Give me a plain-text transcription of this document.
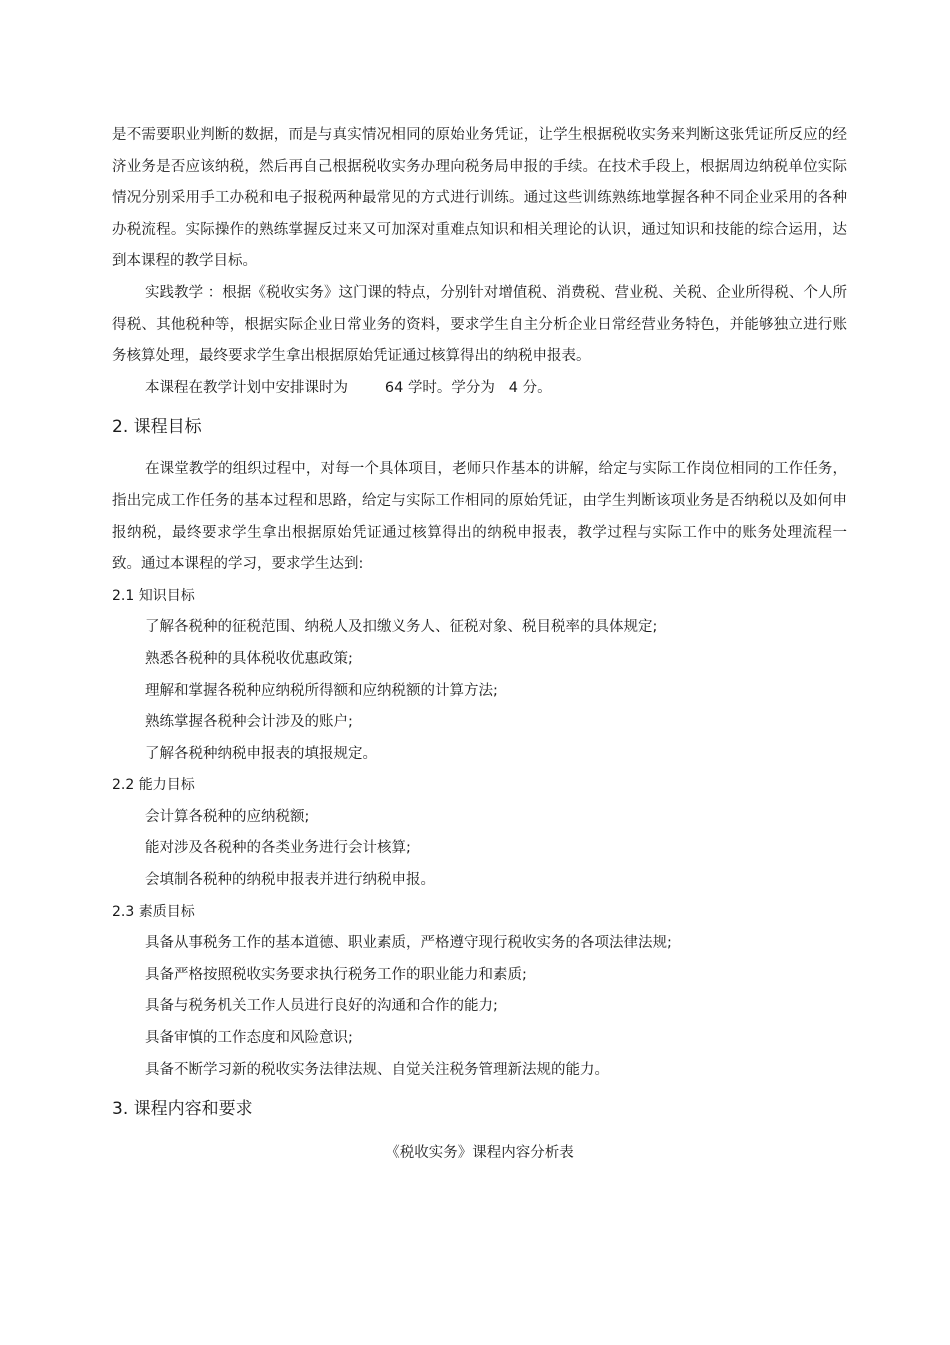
是不需要职业判断的数据，而是与真实情况相同的原始业务凭证，让学生根据税收实务来判断这张凭证所反应的经济业务是否应该纳税，然后再自己根据税收实务办理向税务局申报的手续。在技术手段上，根据周边纳税单位实际情况分别采用手工办税和电子报税两种最常见的方式进行训练。通过这些训练熟练地掌握各种不同企业采用的各种办税流程。实际操作的熟练掌握反过来又可加深对重难点知识和相关理论的认识，通过知识和技能的综合运用，达到本课程的教学目标。

实践教学 ：根据《税收实务》这门课的特点，分别针对增值税、消费税、营业税、关税、企业所得税、个人所得税、其他税种等，根据实际企业日常业务的资料，要求学生自主分析企业日常经营业务特色，并能够独立进行账务核算处理，最终要求学生拿出根据原始凭证通过核算得出的纳税申报表。

本课程在教学计划中安排课时为	64 学时。学分为 4 分。

2. 课程目标

在课堂教学的组织过程中，对每一个具体项目，老师只作基本的讲解，给定与实际工作岗位相同的工作任务，指出完成工作任务的基本过程和思路，给定与实际工作相同的原始凭证，由学生判断该项业务是否纳税以及如何申报纳税，最终要求学生拿出根据原始凭证通过核算得出的纳税申报表，教学过程与实际工作中的账务处理流程一致。通过本课程的学习，要求学生达到:

2.1 知识目标

了解各税种的征税范围、纳税人及扣缴义务人、征税对象、税目税率的具体规定;

熟悉各税种的具体税收优惠政策;

理解和掌握各税种应纳税所得额和应纳税额的计算方法;

熟练掌握各税种会计涉及的账户;

了解各税种纳税申报表的填报规定。

2.2 能力目标

会计算各税种的应纳税额;

能对涉及各税种的各类业务进行会计核算;

会填制各税种的纳税申报表并进行纳税申报。

2.3 素质目标

具备从事税务工作的基本道德、职业素质，严格遵守现行税收实务的各项法律法规;

具备严格按照税收实务要求执行税务工作的职业能力和素质;

具备与税务机关工作人员进行良好的沟通和合作的能力;

具备审慎的工作态度和风险意识;

具备不断学习新的税收实务法律法规、自觉关注税务管理新法规的能力。

3. 课程内容和要求
《税收实务》课程内容分析表
